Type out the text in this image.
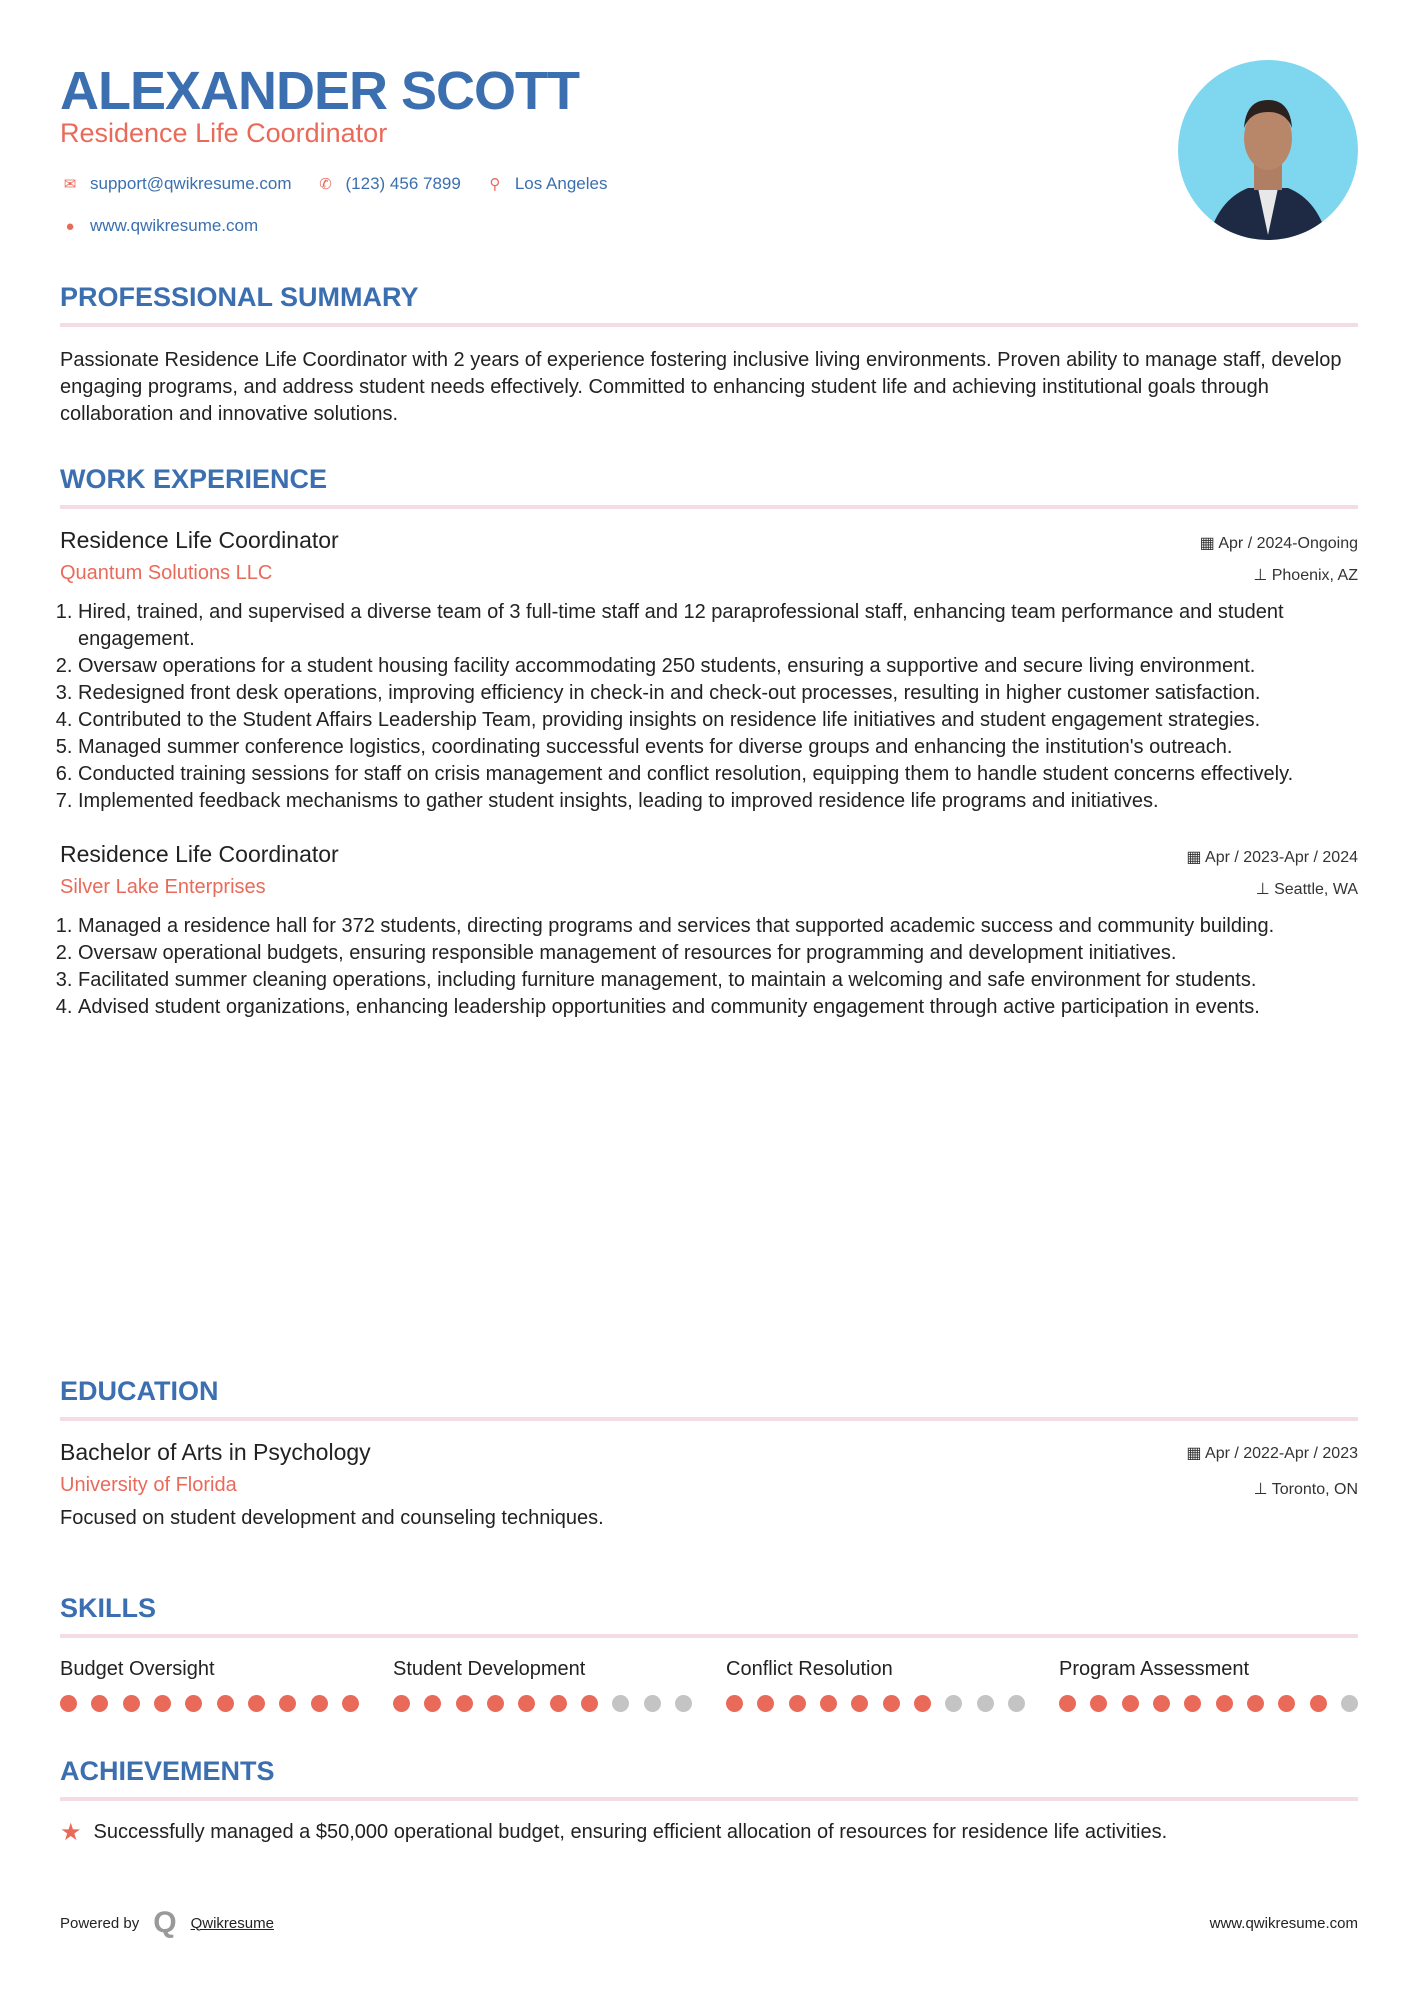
ALEXANDER SCOTT
Residence Life Coordinator
✉ support@qwikresume.com ✆ (123) 456 7899	⚲ Los Angeles
● www.qwikresume.com
PROFESSIONAL SUMMARY
Passionate Residence Life Coordinator with 2 years of experience fostering inclusive living environments. Proven ability to manage staff, develop engaging programs, and address student needs effectively. Committed to enhancing student life and achieving institutional goals through collaboration and innovative solutions.
WORK EXPERIENCE
Residence Life Coordinator
Quantum Solutions LLC
▦ Apr / 2024-Ongoing
⊥ Phoenix, AZ
1. Hired, trained, and supervised a diverse team of 3 full-time staff and 12 paraprofessional staff, enhancing team performance and student engagement.
2. Oversaw operations for a student housing facility accommodating 250 students, ensuring a supportive and secure living environment.
3. Redesigned front desk operations, improving efficiency in check-in and check-out processes, resulting in higher customer satisfaction.
4. Contributed to the Student Affairs Leadership Team, providing insights on residence life initiatives and student engagement strategies.
5. Managed summer conference logistics, coordinating successful events for diverse groups and enhancing the institution's outreach.
6. Conducted training sessions for staff on crisis management and conflict resolution, equipping them to handle student concerns effectively.
7. Implemented feedback mechanisms to gather student insights, leading to improved residence life programs and initiatives.
Residence Life Coordinator
Silver Lake Enterprises
▦ Apr / 2023-Apr / 2024
⊥ Seattle, WA
1. Managed a residence hall for 372 students, directing programs and services that supported academic success and community building.
2. Oversaw operational budgets, ensuring responsible management of resources for programming and development initiatives.
3. Facilitated summer cleaning operations, including furniture management, to maintain a welcoming and safe environment for students.
4. Advised student organizations, enhancing leadership opportunities and community engagement through active participation in events.
EDUCATION
Bachelor of Arts in Psychology
University of Florida
▦ Apr / 2022-Apr / 2023
⊥ Toronto, ON
Focused on student development and counseling techniques.
SKILLS
Budget Oversight	Student Development	Conflict Resolution	Program Assessment
ACHIEVEMENTS
★ Successfully managed a $50,000 operational budget, ensuring efficient allocation of resources for residence life activities.
Powered by Q Qwikresume	www.qwikresume.com
